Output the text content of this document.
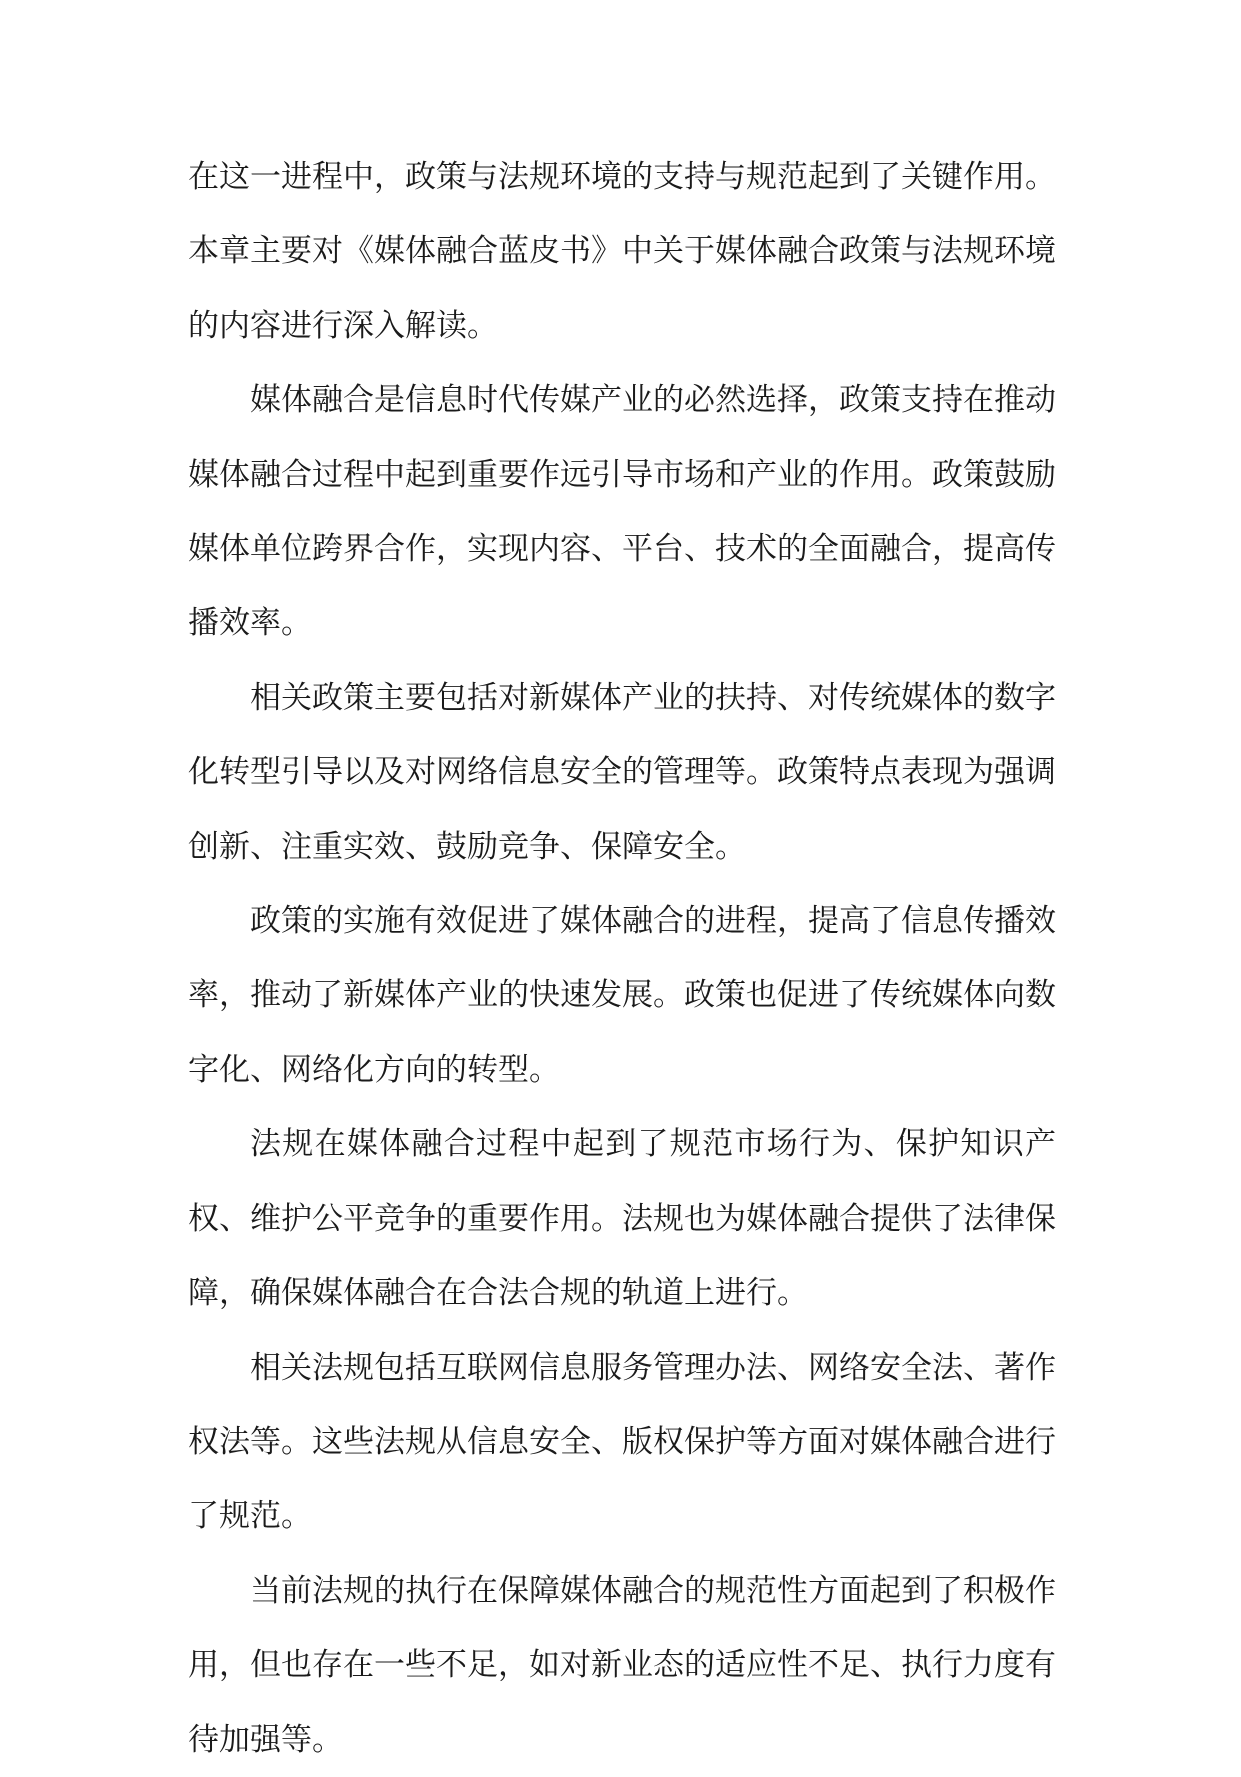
在这一进程中，政策与法规环境的支持与规范起到了关键作用。本章主要对《媒体融合蓝皮书》中关于媒体融合政策与法规环境的内容进行深入解读。

媒体融合是信息时代传媒产业的必然选择，政策支持在推动媒体融合过程中起到重要作远引导市场和产业的作用。政策鼓励媒体单位跨界合作，实现内容、平台、技术的全面融合，提高传播效率。

相关政策主要包括对新媒体产业的扶持、对传统媒体的数字化转型引导以及对网络信息安全的管理等。政策特点表现为强调创新、注重实效、鼓励竞争、保障安全。

政策的实施有效促进了媒体融合的进程，提高了信息传播效率，推动了新媒体产业的快速发展。政策也促进了传统媒体向数字化、网络化方向的转型。

法规在媒体融合过程中起到了规范市场行为、保护知识产权、维护公平竞争的重要作用。法规也为媒体融合提供了法律保障，确保媒体融合在合法合规的轨道上进行。

相关法规包括互联网信息服务管理办法、网络安全法、著作权法等。这些法规从信息安全、版权保护等方面对媒体融合进行了规范。

当前法规的执行在保障媒体融合的规范性方面起到了积极作用，但也存在一些不足，如对新业态的适应性不足、执行力度有待加强等。
